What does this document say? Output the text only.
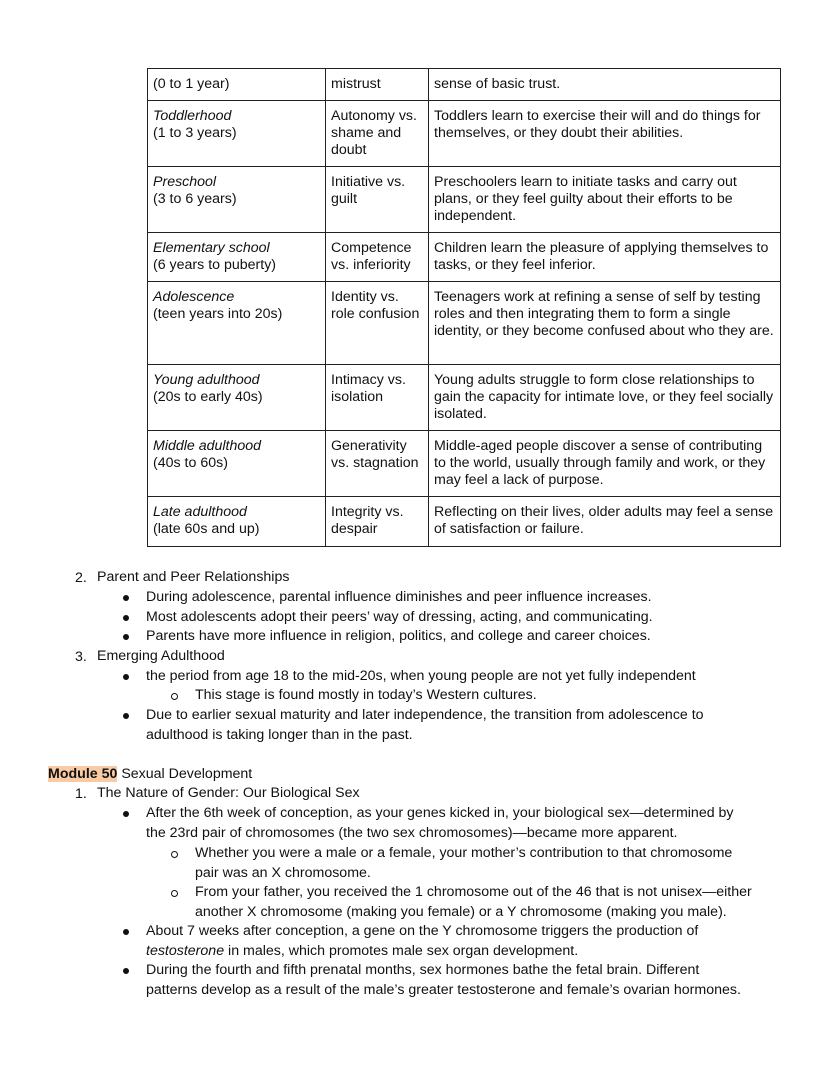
(0 to 1 year)	mistrust	sense of basic trust.

Toddlerhood
(1 to 3 years)	Autonomy vs. shame and doubt	Toddlers learn to exercise their will and do things for themselves, or they doubt their abilities.

Preschool
(3 to 6 years)	Initiative vs. guilt	Preschoolers learn to initiate tasks and carry out plans, or they feel guilty about their efforts to be independent.

Elementary school
(6 years to puberty)	Competence vs. inferiority	Children learn the pleasure of applying themselves to tasks, or they feel inferior.

Adolescence
(teen years into 20s)	Identity vs. role confusion	Teenagers work at refining a sense of self by testing roles and then integrating them to form a single identity, or they become confused about who they are.

Young adulthood
(20s to early 40s)	Intimacy vs. isolation	Young adults struggle to form close relationships to gain the capacity for intimate love, or they feel socially isolated.

Middle adulthood
(40s to 60s)	Generativity vs. stagnation	Middle-aged people discover a sense of contributing to the world, usually through family and work, or they may feel a lack of purpose.

Late adulthood
(late 60s and up)	Integrity vs. despair	Reflecting on their lives, older adults may feel a sense of satisfaction or failure.
2. Parent and Peer Relationships
During adolescence, parental influence diminishes and peer influence increases.
Most adolescents adopt their peers’ way of dressing, acting, and communicating.
Parents have more influence in religion, politics, and college and career choices.
3. Emerging Adulthood
the period from age 18 to the mid-20s, when young people are not yet fully independent
This stage is found mostly in today’s Western cultures.
Due to earlier sexual maturity and later independence, the transition from adolescence to
adulthood is taking longer than in the past.
Module 50 Sexual Development
1. The Nature of Gender: Our Biological Sex
After the 6th week of conception, as your genes kicked in, your biological sex—determined by
the 23rd pair of chromosomes (the two sex chromosomes)—became more apparent.
Whether you were a male or a female, your mother’s contribution to that chromosome
pair was an X chromosome.
From your father, you received the 1 chromosome out of the 46 that is not unisex—either
another X chromosome (making you female) or a Y chromosome (making you male).
About 7 weeks after conception, a gene on the Y chromosome triggers the production of
testosterone in males, which promotes male sex organ development.
During the fourth and fifth prenatal months, sex hormones bathe the fetal brain. Different
patterns develop as a result of the male’s greater testosterone and female’s ovarian hormones.
